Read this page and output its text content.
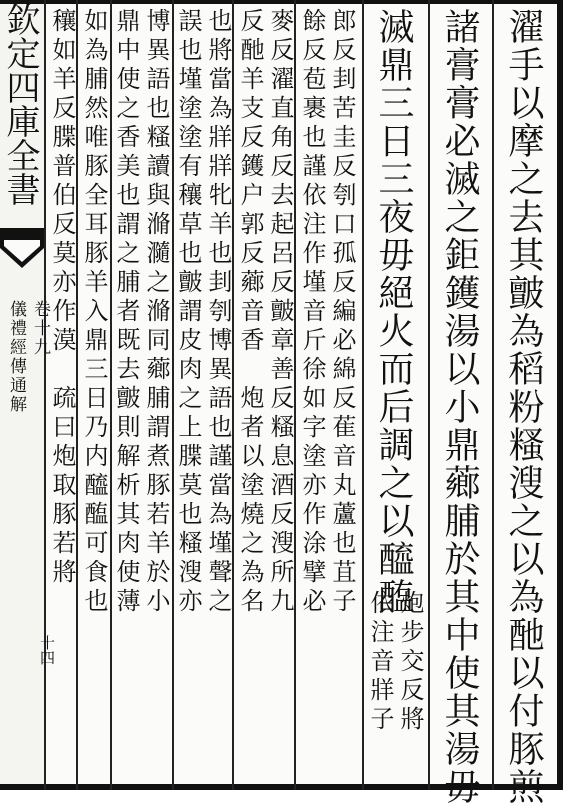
欽定四庫全書
儀禮經傳通解 卷十九
十四	濯手以摩之去其皽為稻粉糔溲之以為酏以付豚煎
諸膏膏必滅之鉅鑊湯以小鼎薌脯於其中使其湯毋
滅鼎三日三夜毋絕火而后調之以醯醢
炮步交反將
依注音牂子
郎反刲苦圭反刳口孤反編必綿反萑音丸蘆也苴子
餘反苞裹也謹依注作墐音斤徐如字塗亦作涂擘必
麥反濯直角反去起呂反皽章善反糔息酒反溲所九
反酏羊支反鑊户郭反薌音香　炮者以塗燒之為名
也將當為牂牂牝羊也刲刳博異語也謹當為墐聲之
誤也墐塗塗有穰草也皽謂皮肉之上䐑莫也糔溲亦
博異語也糔讀與滫瀡之滫同薌脯謂煮豚若羊於小
鼎中使之香美也謂之脯者既去皽則解析其肉使薄
如為脯然唯豚全耳豚羊入鼎三日乃内醯醢可食也
穰如羊反䐑普伯反莫亦作漠　疏曰炮取豚若將
